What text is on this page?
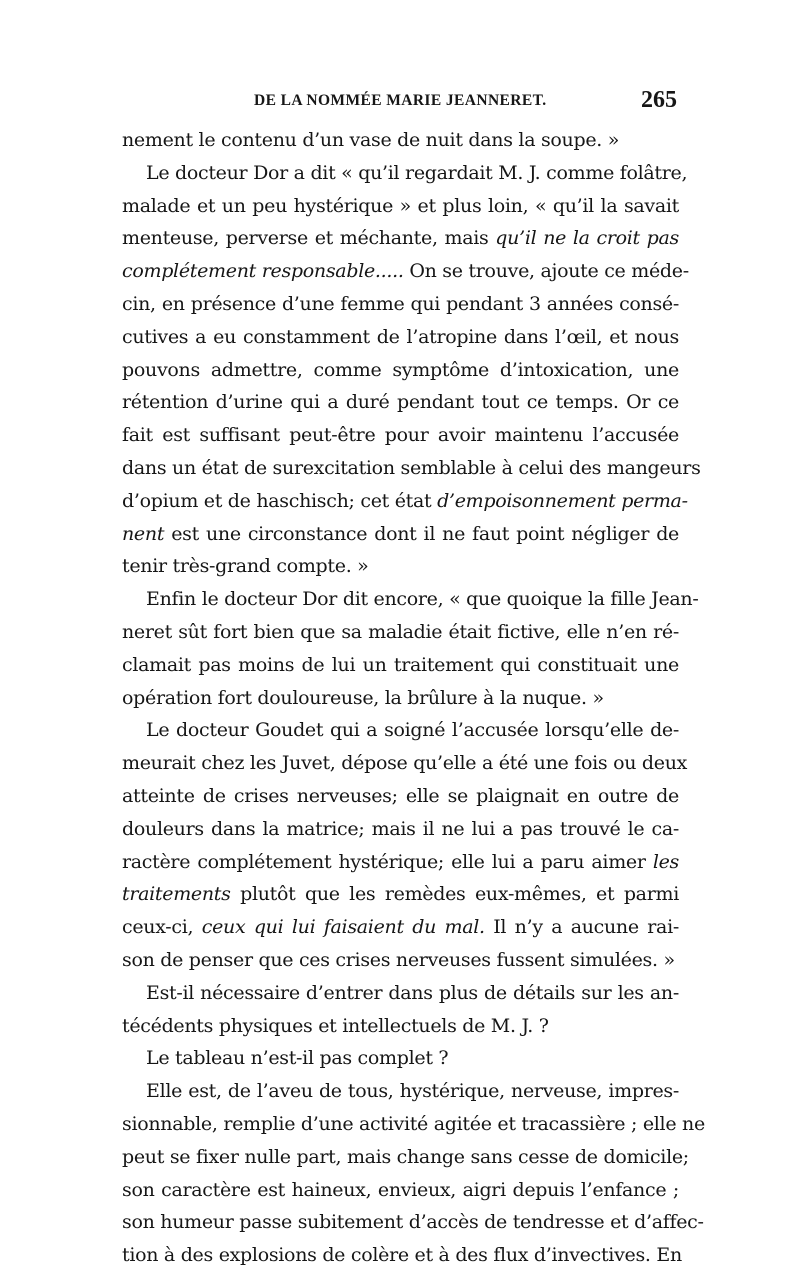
DE LA NOMMÉE MARIE JEANNERET.	265
nement le contenu d’un vase de nuit dans la soupe. »
Le docteur Dor a dit « qu’il regardait M. J. comme folâtre,
malade et un peu hystérique » et plus loin, « qu’il la savait
menteuse, perverse et méchante, mais qu’il ne la croit pas
complétement responsable..... On se trouve, ajoute ce méde-
cin, en présence d’une femme qui pendant 3 années consé-
cutives a eu constamment de l’atropine dans l’œil, et nous
pouvons admettre, comme symptôme d’intoxication, une
rétention d’urine qui a duré pendant tout ce temps. Or ce
fait est suffisant peut-être pour avoir maintenu l’accusée
dans un état de surexcitation semblable à celui des mangeurs
d’opium et de haschisch; cet état d’empoisonnement perma-
nent est une circonstance dont il ne faut point négliger de
tenir très-grand compte. »
Enfin le docteur Dor dit encore, « que quoique la fille Jean-
neret sût fort bien que sa maladie était fictive, elle n’en ré-
clamait pas moins de lui un traitement qui constituait une
opération fort douloureuse, la brûlure à la nuque. »
Le docteur Goudet qui a soigné l’accusée lorsqu’elle de-
meurait chez les Juvet, dépose qu’elle a été une fois ou deux
atteinte de crises nerveuses; elle se plaignait en outre de
douleurs dans la matrice; mais il ne lui a pas trouvé le ca-
ractère complétement hystérique; elle lui a paru aimer les
traitements plutôt que les remèdes eux-mêmes, et parmi
ceux-ci, ceux qui lui faisaient du mal. Il n’y a aucune rai-
son de penser que ces crises nerveuses fussent simulées. »
Est-il nécessaire d’entrer dans plus de détails sur les an-
técédents physiques et intellectuels de M. J. ?
Le tableau n’est-il pas complet ?
Elle est, de l’aveu de tous, hystérique, nerveuse, impres-
sionnable, remplie d’une activité agitée et tracassière ; elle ne
peut se fixer nulle part, mais change sans cesse de domicile;
son caractère est haineux, envieux, aigri depuis l’enfance ;
son humeur passe subitement d’accès de tendresse et d’affec-
tion à des explosions de colère et à des flux d’invectives. En
